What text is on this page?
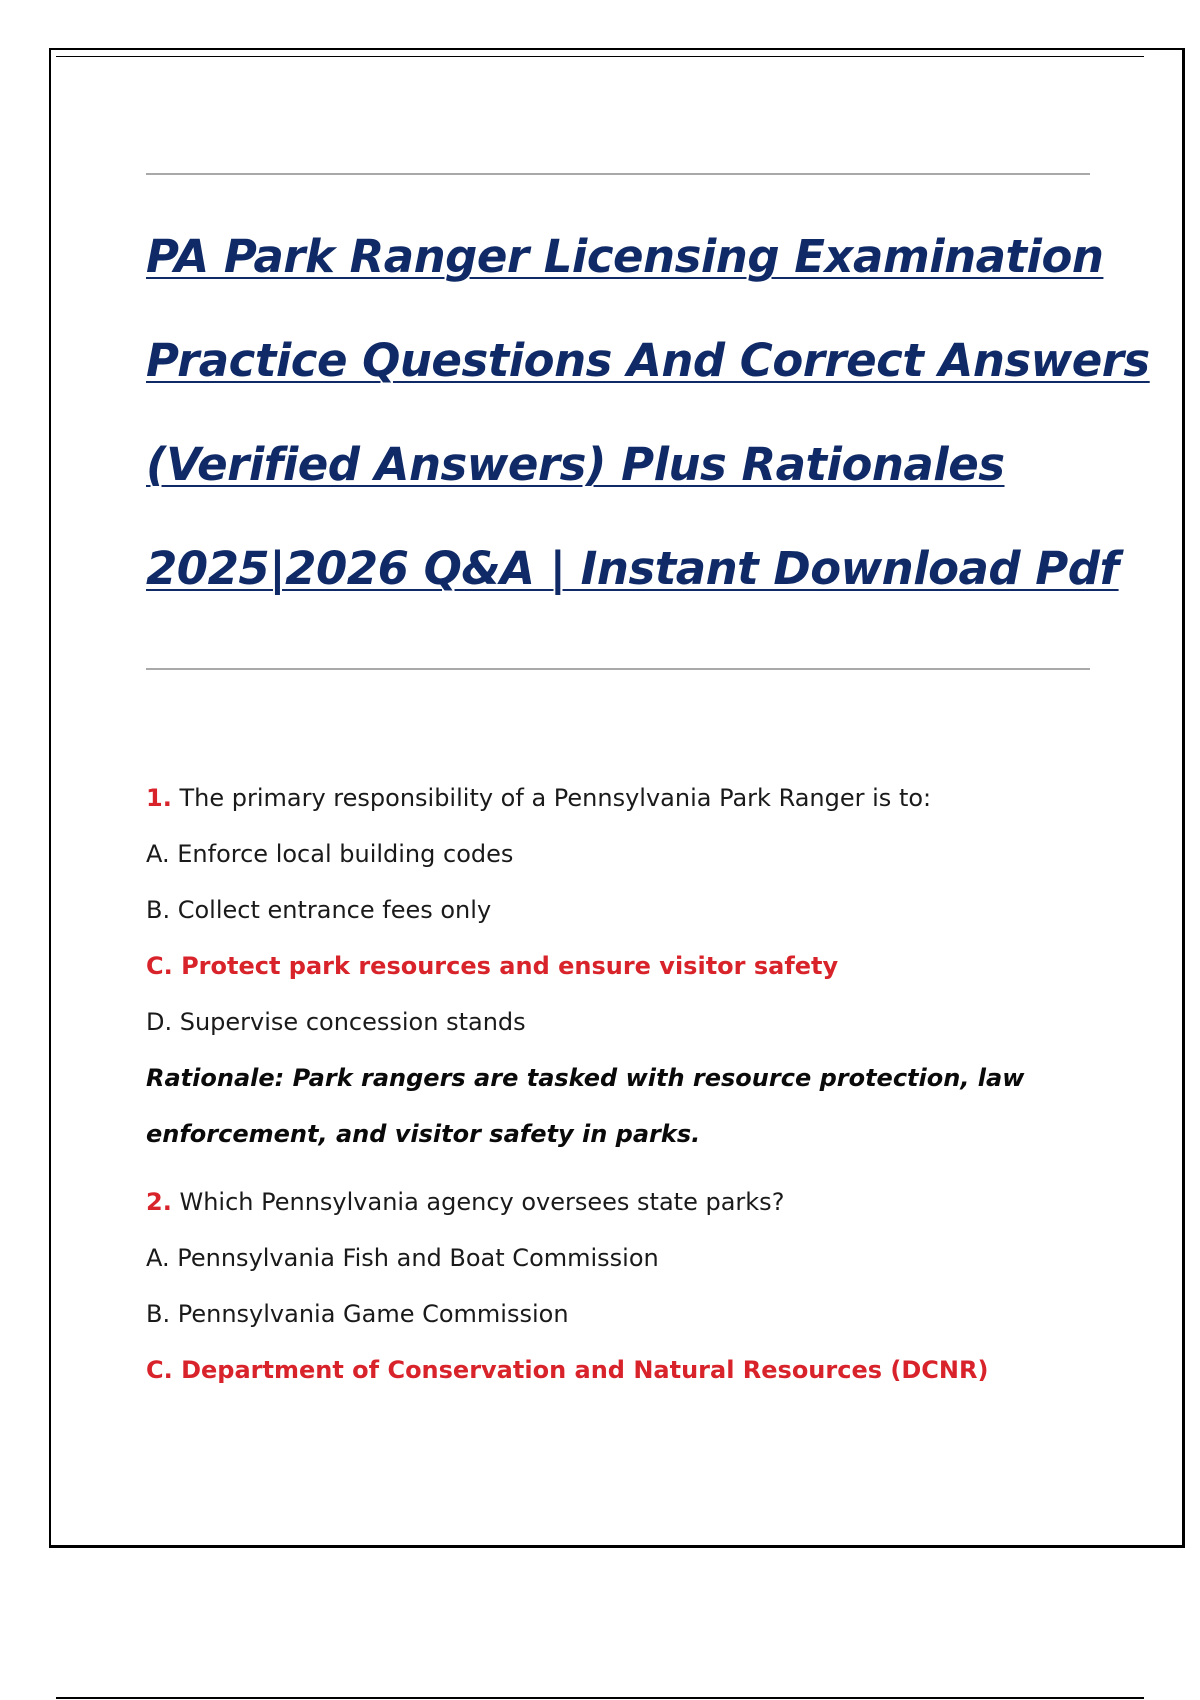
PA Park Ranger Licensing Examination
Practice Questions And Correct Answers
(Verified Answers) Plus Rationales
2025|2026 Q&A | Instant Download Pdf
1. The primary responsibility of a Pennsylvania Park Ranger is to:
A. Enforce local building codes
B. Collect entrance fees only
C. Protect park resources and ensure visitor safety
D. Supervise concession stands
Rationale: Park rangers are tasked with resource protection, law
enforcement, and visitor safety in parks.
2. Which Pennsylvania agency oversees state parks?
A. Pennsylvania Fish and Boat Commission
B. Pennsylvania Game Commission
C. Department of Conservation and Natural Resources (DCNR)
